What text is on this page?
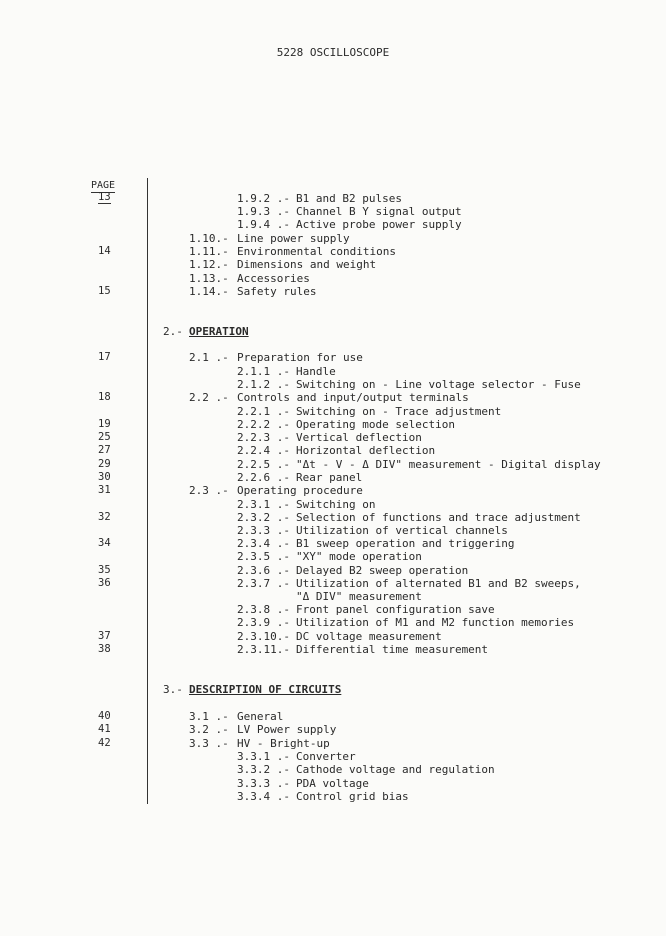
5228 OSCILLOSCOPE
PAGE
13	1.9.2 .- B1 and B2 pulses
1.9.3 .- Channel B Y signal output
1.9.4 .- Active probe power supply
1.10.- Line power supply
14	1.11.- Environmental conditions
1.12.- Dimensions and weight
1.13.- Accessories
15	1.14.- Safety rules
2.- OPERATION
17	2.1 .- Preparation for use
2.1.1 .- Handle
2.1.2 .- Switching on - Line voltage selector - Fuse
18	2.2 .- Controls and input/output terminals
2.2.1 .- Switching on - Trace adjustment
19	2.2.2 .- Operating mode selection
25	2.2.3 .- Vertical deflection
27	2.2.4 .- Horizontal deflection
29	2.2.5 .- "Δt - V - Δ DIV" measurement - Digital display
30	2.2.6 .- Rear panel
31	2.3 .- Operating procedure
2.3.1 .- Switching on
32	2.3.2 .- Selection of functions and trace adjustment
2.3.3 .- Utilization of vertical channels
34	2.3.4 .- B1 sweep operation and triggering
2.3.5 .- "XY" mode operation
35	2.3.6 .- Delayed B2 sweep operation
36	2.3.7 .- Utilization of alternated B1 and B2 sweeps,
"Δ DIV" measurement
2.3.8 .- Front panel configuration save
2.3.9 .- Utilization of M1 and M2 function memories
37	2.3.10.- DC voltage measurement
38	2.3.11.- Differential time measurement
3.- DESCRIPTION OF CIRCUITS
40	3.1 .- General
41	3.2 .- LV Power supply
42	3.3 .- HV - Bright-up
3.3.1 .- Converter
3.3.2 .- Cathode voltage and regulation
3.3.3 .- PDA voltage
3.3.4 .- Control grid bias
